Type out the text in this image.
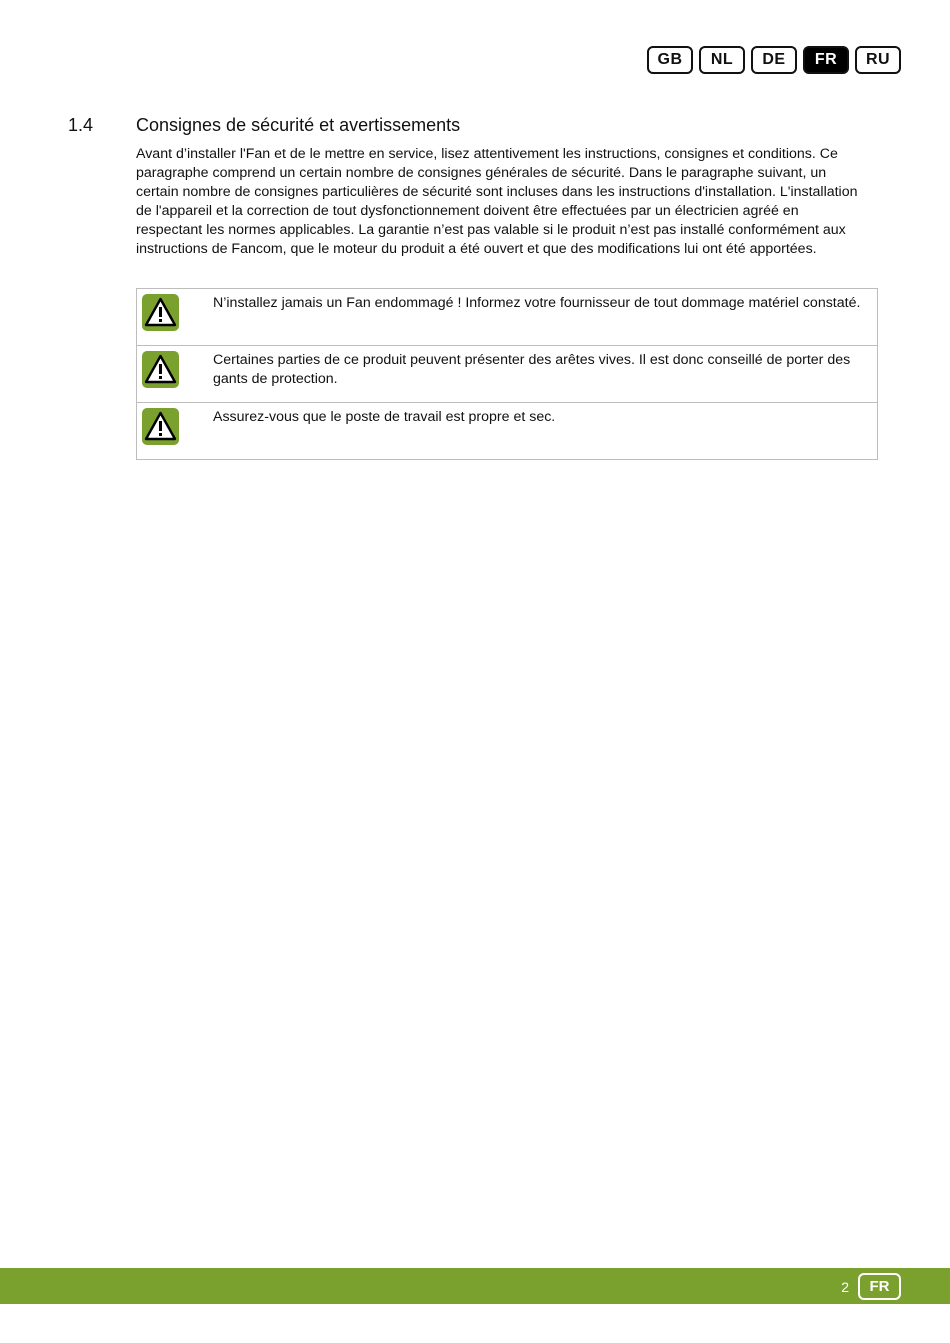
GB	NL	DE	FR	RU
1.4 Consignes de sécurité et avertissements

Avant d’installer l'Fan et de le mettre en service, lisez attentivement les instructions, consignes et conditions. Ce paragraphe comprend un certain nombre de consignes générales de sécurité. Dans le paragraphe suivant, un certain nombre de consignes particulières de sécurité sont incluses dans les instructions d'installation. L'installation de l'appareil et la correction de tout dysfonctionnement doivent être effectuées par un électricien agréé en respectant les normes applicables. La garantie n’est pas valable si le produit n’est pas installé conformément aux instructions de Fancom, que le moteur du produit a été ouvert et que des modifications lui ont été apportées.

	N’installez jamais un Fan endommagé ! Informez votre fournisseur de tout dommage matériel constaté.

	Certaines parties de ce produit peuvent présenter des arêtes vives. Il est donc conseillé de porter des gants de protection.

	Assurez-vous que le poste de travail est propre et sec.
2	FR
